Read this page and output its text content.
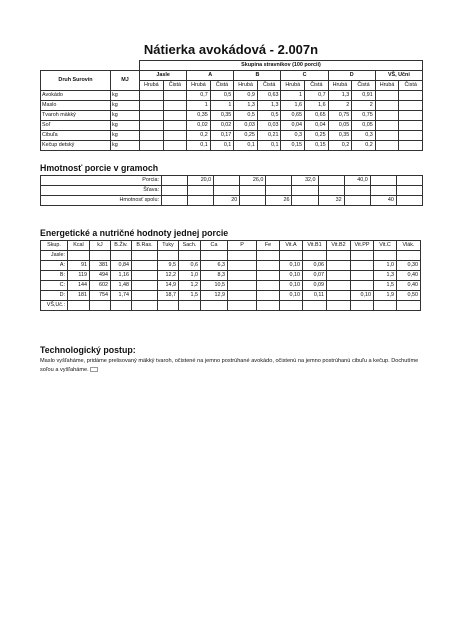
Nátierka avokádová - 2.007n
		Skupina stravníkov (100 porcií)											
Druh Surovín	MJ	Jasle		A		B		C		D		VŠ, Učni	
		Hrubá	Čistá	Hrubá	Čistá	Hrubá	Čistá	Hrubá	Čistá	Hrubá	Čistá	Hrubá	Čistá
Avokádo	kg			0,7	0,5	0,9	0,63	1	0,7	1,3	0,91		
Maslo	kg			1	1	1,3	1,3	1,6	1,6	2	2		
Tvaroh mäkký	kg			0,35	0,35	0,5	0,5	0,65	0,65	0,75	0,75		
Soľ	kg			0,02	0,02	0,03	0,03	0,04	0,04	0,05	0,05		
Cibuľa	kg			0,2	0,17	0,25	0,21	0,3	0,25	0,35	0,3		
Kečup detský	kg			0,1	0,1	0,1	0,1	0,15	0,15	0,2	0,2		
Hmotnosť porcie v gramoch
Porcia:		20,0		26,0		32,0		40,0		
Šťava:										
Hmotnosť spolu:			20		26		32		40	
Energetické a nutričné hodnoty jednej porcie
Skup.	Kcal	kJ	B.Živ.	B.Ras.	Tuky	Sach.	Ca	P	Fe	Vit.A	Vit.B1	Vit.B2	Vit.PP	Vit.C	Vlák.
Jasle:															
A:	91	381	0,84		9,5	0,6	6,3			0,10	0,06			1,0	0,30
B:	119	494	1,16		12,2	1,0	8,3			0,10	0,07			1,3	0,40
C:	144	602	1,48		14,9	1,2	10,5			0,10	0,09			1,5	0,40
D:	181	754	1,74		18,7	1,5	12,9			0,10	0,11		0,10	1,9	0,50
VŠ,Uč.:															
Technologický postup:
Maslo vyšľaháme, pridáme prelisovaný mäkký tvaroh, očistené na jemno postrúhané avokádo, očistenú na jemno postrúhanú cibuľu a kečup. Dochutíme soľou a vyšľaháme.
